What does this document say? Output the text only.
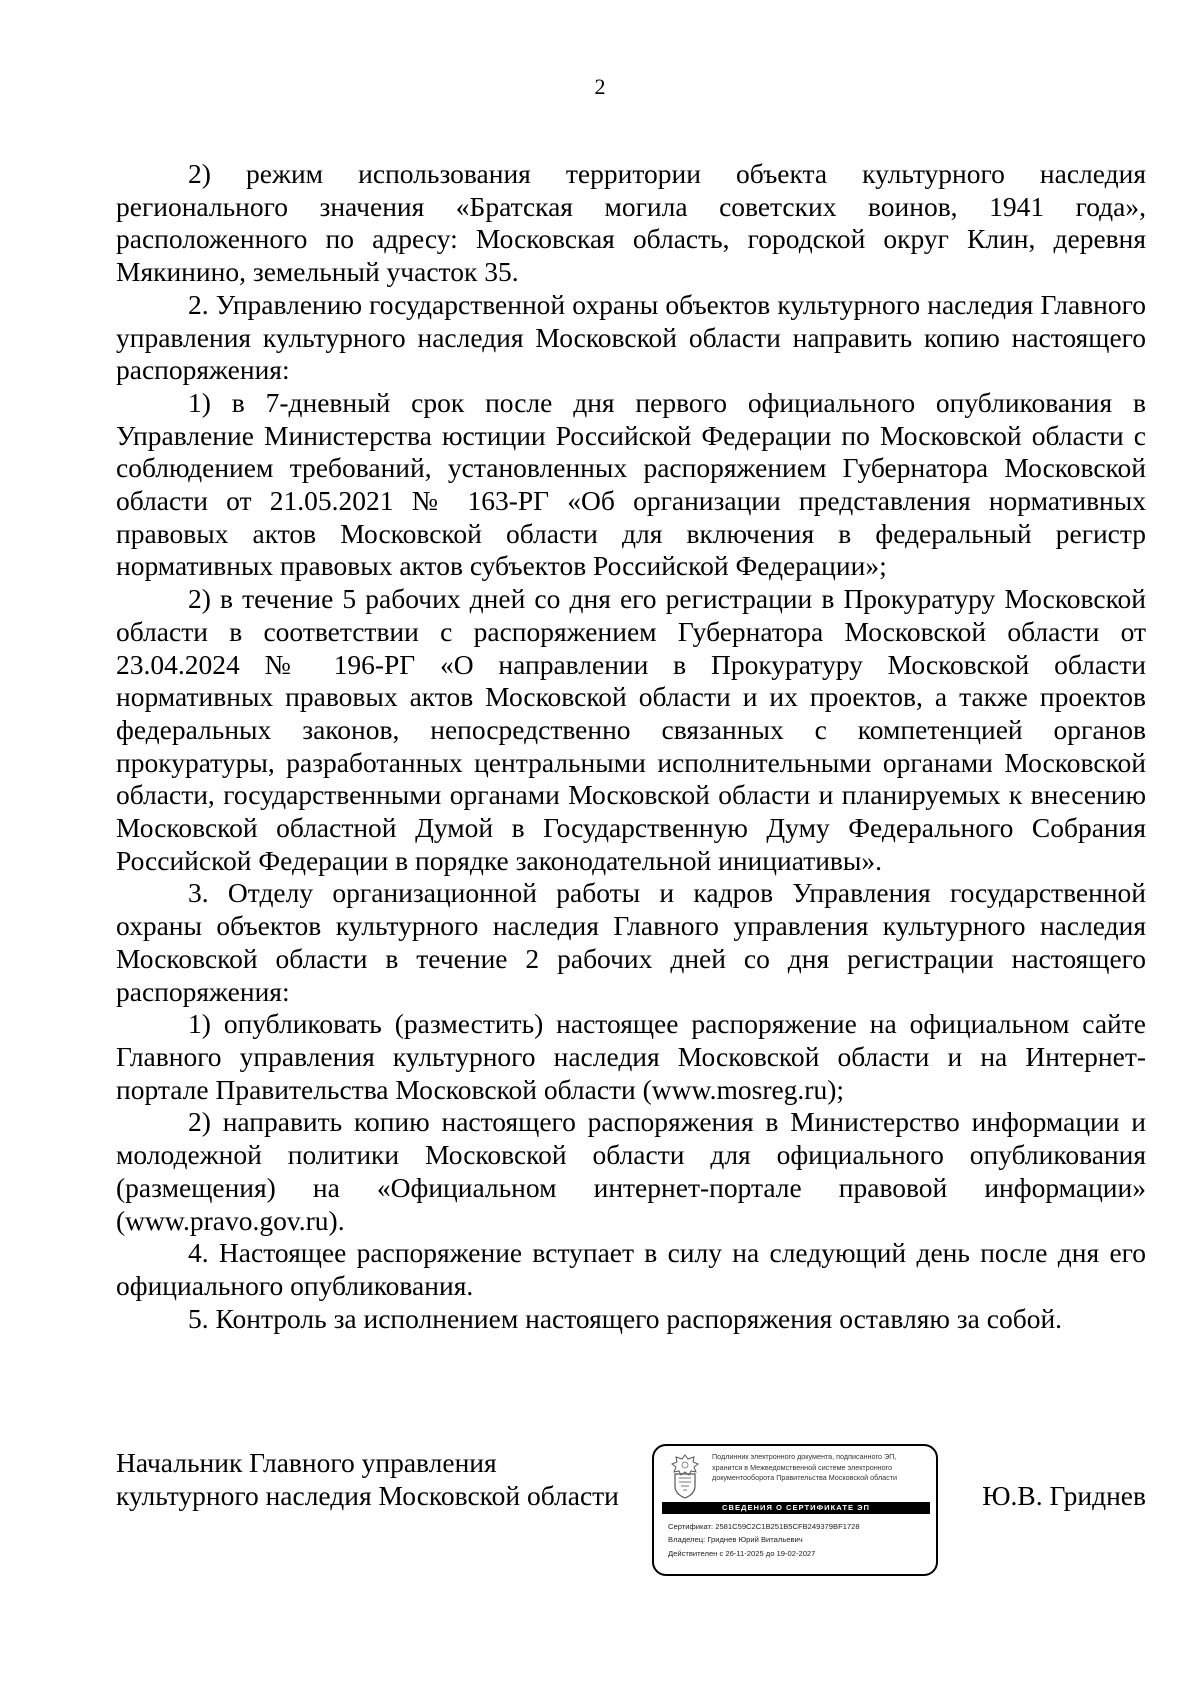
2

2) режим использования территории объекта культурного наследия регионального значения «Братская могила советских воинов, 1941 года», расположенного по адресу: Московская область, городской округ Клин, деревня Мякинино, земельный участок 35.

2. Управлению государственной охраны объектов культурного наследия Главного управления культурного наследия Московской области направить копию настоящего распоряжения:

1) в 7-дневный срок после дня первого официального опубликования в Управление Министерства юстиции Российской Федерации по Московской области с соблюдением требований, установленных распоряжением Губернатора Московской области от 21.05.2021 № 163-РГ «Об организации представления нормативных правовых актов Московской области для включения в федеральный регистр нормативных правовых актов субъектов Российской Федерации»;

2) в течение 5 рабочих дней со дня его регистрации в Прокуратуру Московской области в соответствии с распоряжением Губернатора Московской области от 23.04.2024 № 196-РГ «О направлении в Прокуратуру Московской области нормативных правовых актов Московской области и их проектов, а также проектов федеральных законов, непосредственно связанных с компетенцией органов прокуратуры, разработанных центральными исполнительными органами Московской области, государственными органами Московской области и планируемых к внесению Московской областной Думой в Государственную Думу Федерального Собрания Российской Федерации в порядке законодательной инициативы».

3. Отделу организационной работы и кадров Управления государственной охраны объектов культурного наследия Главного управления культурного наследия Московской области в течение 2 рабочих дней со дня регистрации настоящего распоряжения:

1) опубликовать (разместить) настоящее распоряжение на официальном сайте Главного управления культурного наследия Московской области и на Интернет-портале Правительства Московской области (www.mosreg.ru);

2) направить копию настоящего распоряжения в Министерство информации и молодежной политики Московской области для официального опубликования (размещения) на «Официальном интернет-портале правовой информации» (www.pravo.gov.ru).

4. Настоящее распоряжение вступает в силу на следующий день после дня его официального опубликования.

5. Контроль за исполнением настоящего распоряжения оставляю за собой.

Начальник Главного управления
культурного наследия Московской области
Подлинник электронного документа, подписанного ЭП,
хранится в Межведомственной системе электронного
документооборота Правительства Московской области
СВЕДЕНИЯ О СЕРТИФИКАТЕ ЭП
Сертификат: 2581C59C2C1B251B5CFB249379BF1728
Владелец: Гриднев Юрий Витальевич
Действителен с 26-11-2025 до 19-02-2027
Ю.В. Гриднев
